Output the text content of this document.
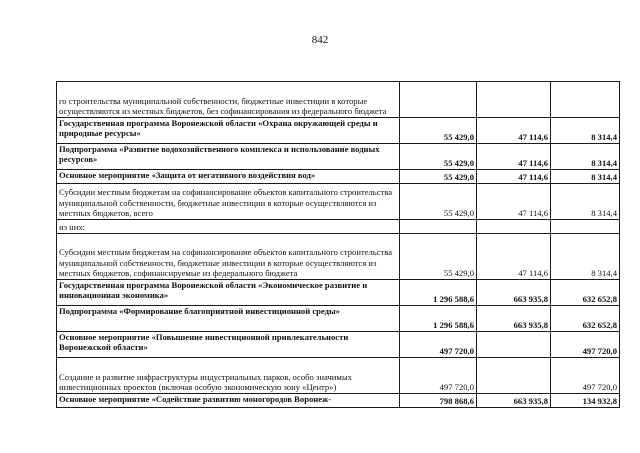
842
го строительства муниципальной собственности, бюджетные инвестиции в которые осуществляются из местных бюджетов, без софинансирования из федерального бюджета			

Государственная программа Воронежской области «Охрана окружающей среды и природные ресурсы»	55 429,0	47 114,6	8 314,4

Подпрограмма «Развитие водохозяйственного комплекса и использование водных ресурсов»	55 429,0	47 114,6	8 314,4

Основное мероприятие «Защита от негативного воздействия вод»	55 429,0	47 114,6	8 314,4

Субсидии местным бюджетам на софинансирование объектов капитального строительства муниципальной собственности, бюджетные инвестиции в которые осуществляются из местных бюджетов, всего	55 429,0	47 114,6	8 314,4

из них:			

Субсидии местным бюджетам на софинансирование объектов капитального строительства муниципальной собственности, бюджетные инвестиции в которые осуществляются из местных бюджетов, софинансируемые из федерального бюджета	55 429,0	47 114,6	8 314,4

Государственная программа Воронежской области «Экономическое развитие и инновационная экономика»	1 296 588,6	663 935,8	632 652,8

Подпрограмма «Формирование благоприятной инвестиционной среды»	1 296 588,6	663 935,8	632 652,8

Основное мероприятие «Повышение инвестиционной привлекательности Воронежской области»	497 720,0		497 720,0

Создание и развитие инфраструктуры индустриальных парков, особо значимых инвестиционных проектов (включая особую экономическую зону «Центр»)	497 720,0		497 720,0

Основное мероприятие «Содействие развитию моногородов Воронеж-	798 868,6	663 935,8	134 932,8
